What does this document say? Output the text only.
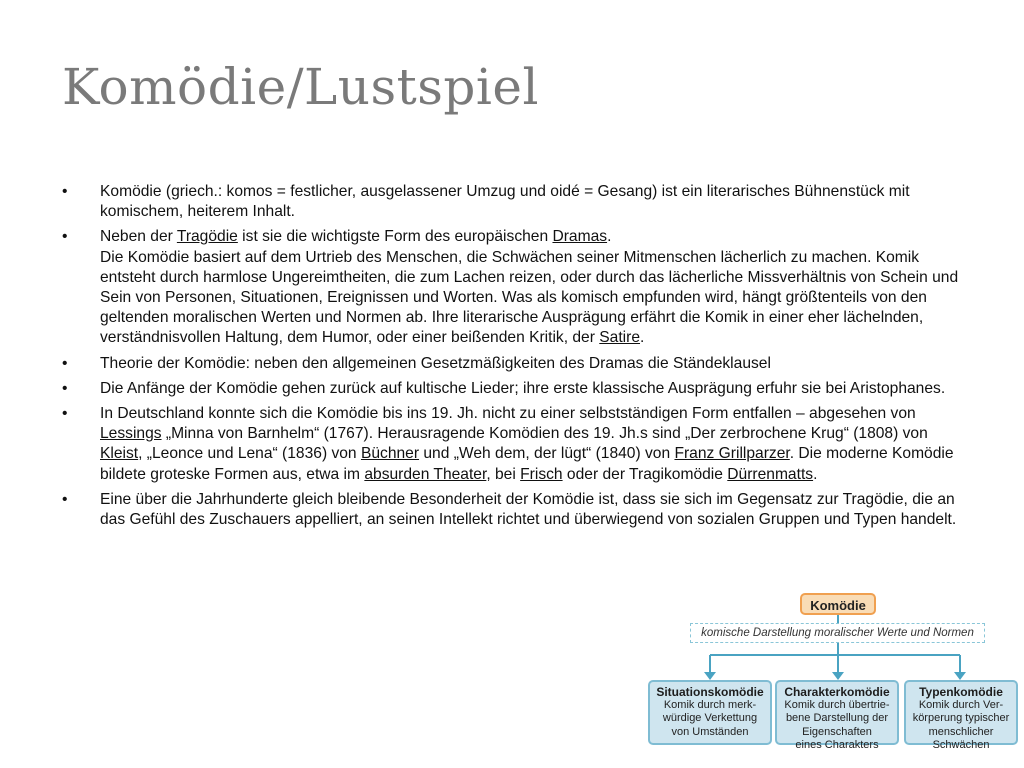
Komödie/Lustspiel
• Komödie (griech.: komos = festlicher, ausgelassener Umzug und oidé = Gesang) ist ein literarisches Bühnenstück mit komischem, heiterem Inhalt.
• Neben der Tragödie ist sie die wichtigste Form des europäischen Dramas.
Die Komödie basiert auf dem Urtrieb des Menschen, die Schwächen seiner Mitmenschen lächerlich zu machen. Komik entsteht durch harmlose Ungereimtheiten, die zum Lachen reizen, oder durch das lächerliche Missverhältnis von Schein und Sein von Personen, Situationen, Ereignissen und Worten. Was als komisch empfunden wird, hängt größtenteils von den geltenden moralischen Werten und Normen ab. Ihre literarische Ausprägung erfährt die Komik in einer eher lächelnden, verständnisvollen Haltung, dem Humor, oder einer beißenden Kritik, der Satire.
• Theorie der Komödie: neben den allgemeinen Gesetzmäßigkeiten des Dramas die Ständeklausel
• Die Anfänge der Komödie gehen zurück auf kultische Lieder; ihre erste klassische Ausprägung erfuhr sie bei Aristophanes.
• In Deutschland konnte sich die Komödie bis ins 19. Jh. nicht zu einer selbstständigen Form entfallen – abgesehen von Lessings „Minna von Barnhelm“ (1767). Herausragende Komödien des 19. Jh.s sind „Der zerbrochene Krug“ (1808) von Kleist, „Leonce und Lena“ (1836) von Büchner und „Weh dem, der lügt“ (1840) von Franz Grillparzer. Die moderne Komödie bildete groteske Formen aus, etwa im absurden Theater, bei Frisch oder der Tragikomödie Dürrenmatts.
• Eine über die Jahrhunderte gleich bleibende Besonderheit der Komödie ist, dass sie sich im Gegensatz zur Tragödie, die an das Gefühl des Zuschauers appelliert, an seinen Intellekt richtet und überwiegend von sozialen Gruppen und Typen handelt.
Komödie
komische Darstellung moralischer Werte und Normen
Situationskomödie
Komik durch merk-
würdige Verkettung
von Umständen
Charakterkomödie
Komik durch übertrie-
bene Darstellung der
Eigenschaften
eines Charakters
Typenkomödie
Komik durch Ver-
körperung typischer
menschlicher
Schwächen
